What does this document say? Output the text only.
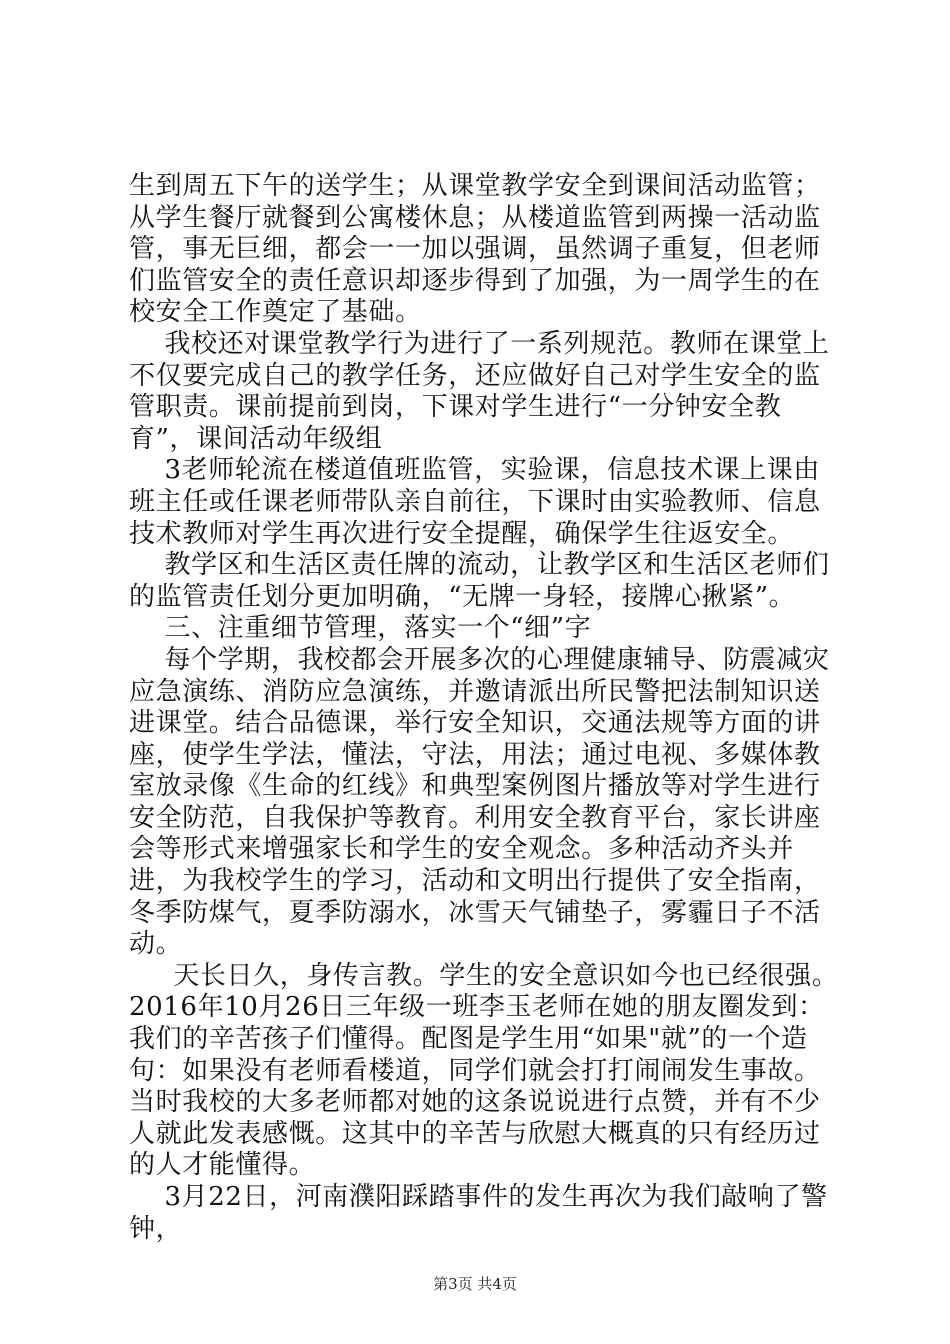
生到周五下午的送学生；从课堂教学安全到课间活动监管；从学生餐厅就餐到公寓楼休息；从楼道监管到两操一活动监管，事无巨细，都会一一加以强调，虽然调子重复，但老师们监管安全的责任意识却逐步得到了加强，为一周学生的在校安全工作奠定了基础。

我校还对课堂教学行为进行了一系列规范。教师在课堂上不仅要完成自己的教学任务，还应做好自己对学生安全的监管职责。课前提前到岗，下课对学生进行“一分钟安全教育”，课间活动年级组

3老师轮流在楼道值班监管，实验课，信息技术课上课由班主任或任课老师带队亲自前往，下课时由实验教师、信息技术教师对学生再次进行安全提醒，确保学生往返安全。

教学区和生活区责任牌的流动，让教学区和生活区老师们的监管责任划分更加明确，“无牌一身轻，接牌心揪紧”。

三、注重细节管理，落实一个“细”字

每个学期，我校都会开展多次的心理健康辅导、防震减灾应急演练、消防应急演练，并邀请派出所民警把法制知识送进课堂。结合品德课，举行安全知识，交通法规等方面的讲座，使学生学法，懂法，守法，用法；通过电视、多媒体教室放录像《生命的红线》和典型案例图片播放等对学生进行安全防范，自我保护等教育。利用安全教育平台，家长讲座会等形式来增强家长和学生的安全观念。多种活动齐头并进，为我校学生的学习，活动和文明出行提供了安全指南，冬季防煤气，夏季防溺水，冰雪天气铺垫子，雾霾日子不活动。

天长日久，身传言教。学生的安全意识如今也已经很强。2016年10月26日三年级一班李玉老师在她的朋友圈发到：我们的辛苦孩子们懂得。配图是学生用“如果"就”的一个造句：如果没有老师看楼道，同学们就会打打闹闹发生事故。当时我校的大多老师都对她的这条说说进行点赞，并有不少人就此发表感慨。这其中的辛苦与欣慰大概真的只有经历过的人才能懂得。

3月22日，河南濮阳踩踏事件的发生再次为我们敲响了警钟，

第3页 共4页
